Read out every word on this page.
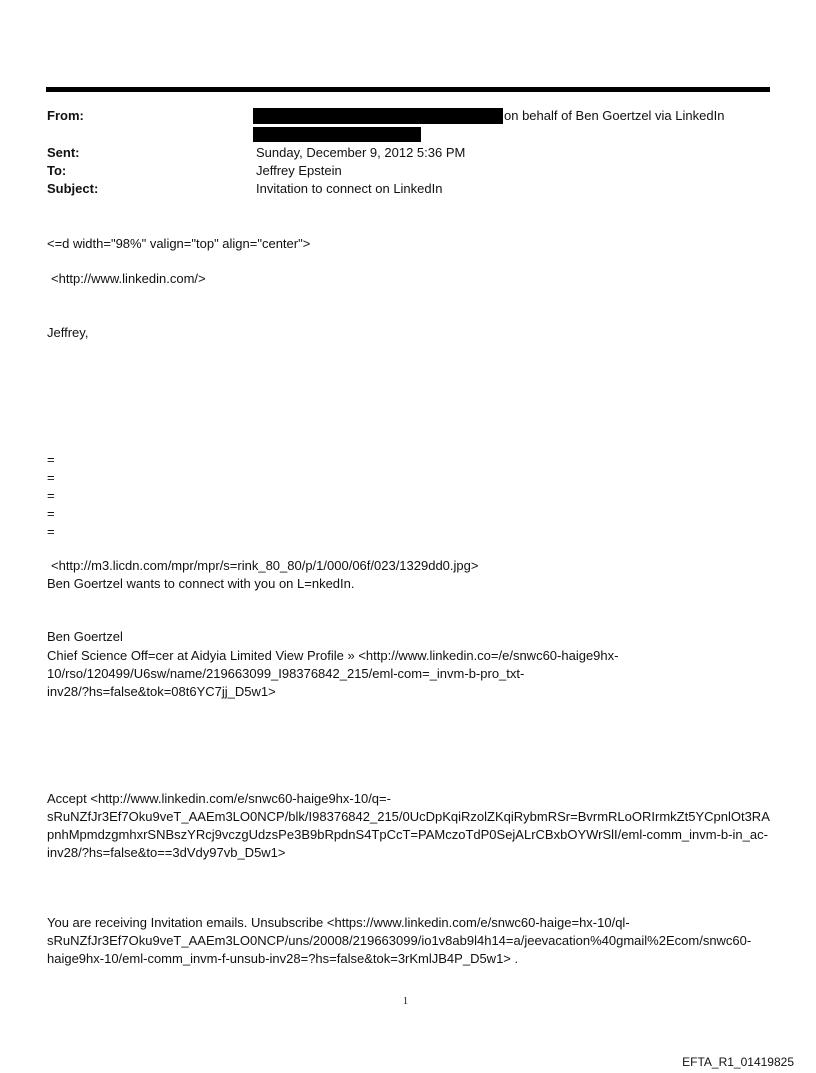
From:	on behalf of Ben Goertzel via LinkedIn
Sent:	Sunday, December 9, 2012 5:36 PM
To:	Jeffrey Epstein
Subject:	Invitation to connect on LinkedIn
<=d width="98%" valign="top" align="center">
<http://www.linkedin.com/>
Jeffrey,
=
=
=
=
=
<http://m3.licdn.com/mpr/mpr/s=rink_80_80/p/1/000/06f/023/1329dd0.jpg>
Ben Goertzel wants to connect with you on L=nkedIn.
Ben Goertzel
Chief Science Off=cer at Aidyia Limited View Profile » <http://www.linkedin.co=/e/snwc60-haige9hx-
10/rso/120499/U6sw/name/219663099_I98376842_215/eml-com=_invm-b-pro_txt-
inv28/?hs=false&tok=08t6YC7jj_D5w1>
Accept <http://www.linkedin.com/e/snwc60-haige9hx-10/q=-
sRuNZfJr3Ef7Oku9veT_AAEm3LO0NCP/blk/I98376842_215/0UcDpKqiRzolZKqiRybmRSr=BvrmRLoORIrmkZt5YCpnlOt3RA
pnhMpmdzgmhxrSNBszYRcj9vczgUdzsPe3B9bRpdnS4TpCcT=PAMczoTdP0SejALrCBxbOYWrSlI/eml-comm_invm-b-in_ac-
inv28/?hs=false&to==3dVdy97vb_D5w1>
You are receiving Invitation emails. Unsubscribe <https://www.linkedin.com/e/snwc60-haige=hx-10/ql-
sRuNZfJr3Ef7Oku9veT_AAEm3LO0NCP/uns/20008/219663099/io1v8ab9l4h14=a/jeevacation%40gmail%2Ecom/snwc60-
haige9hx-10/eml-comm_invm-f-unsub-inv28=?hs=false&tok=3rKmlJB4P_D5w1> .
1
EFTA_R1_01419825
